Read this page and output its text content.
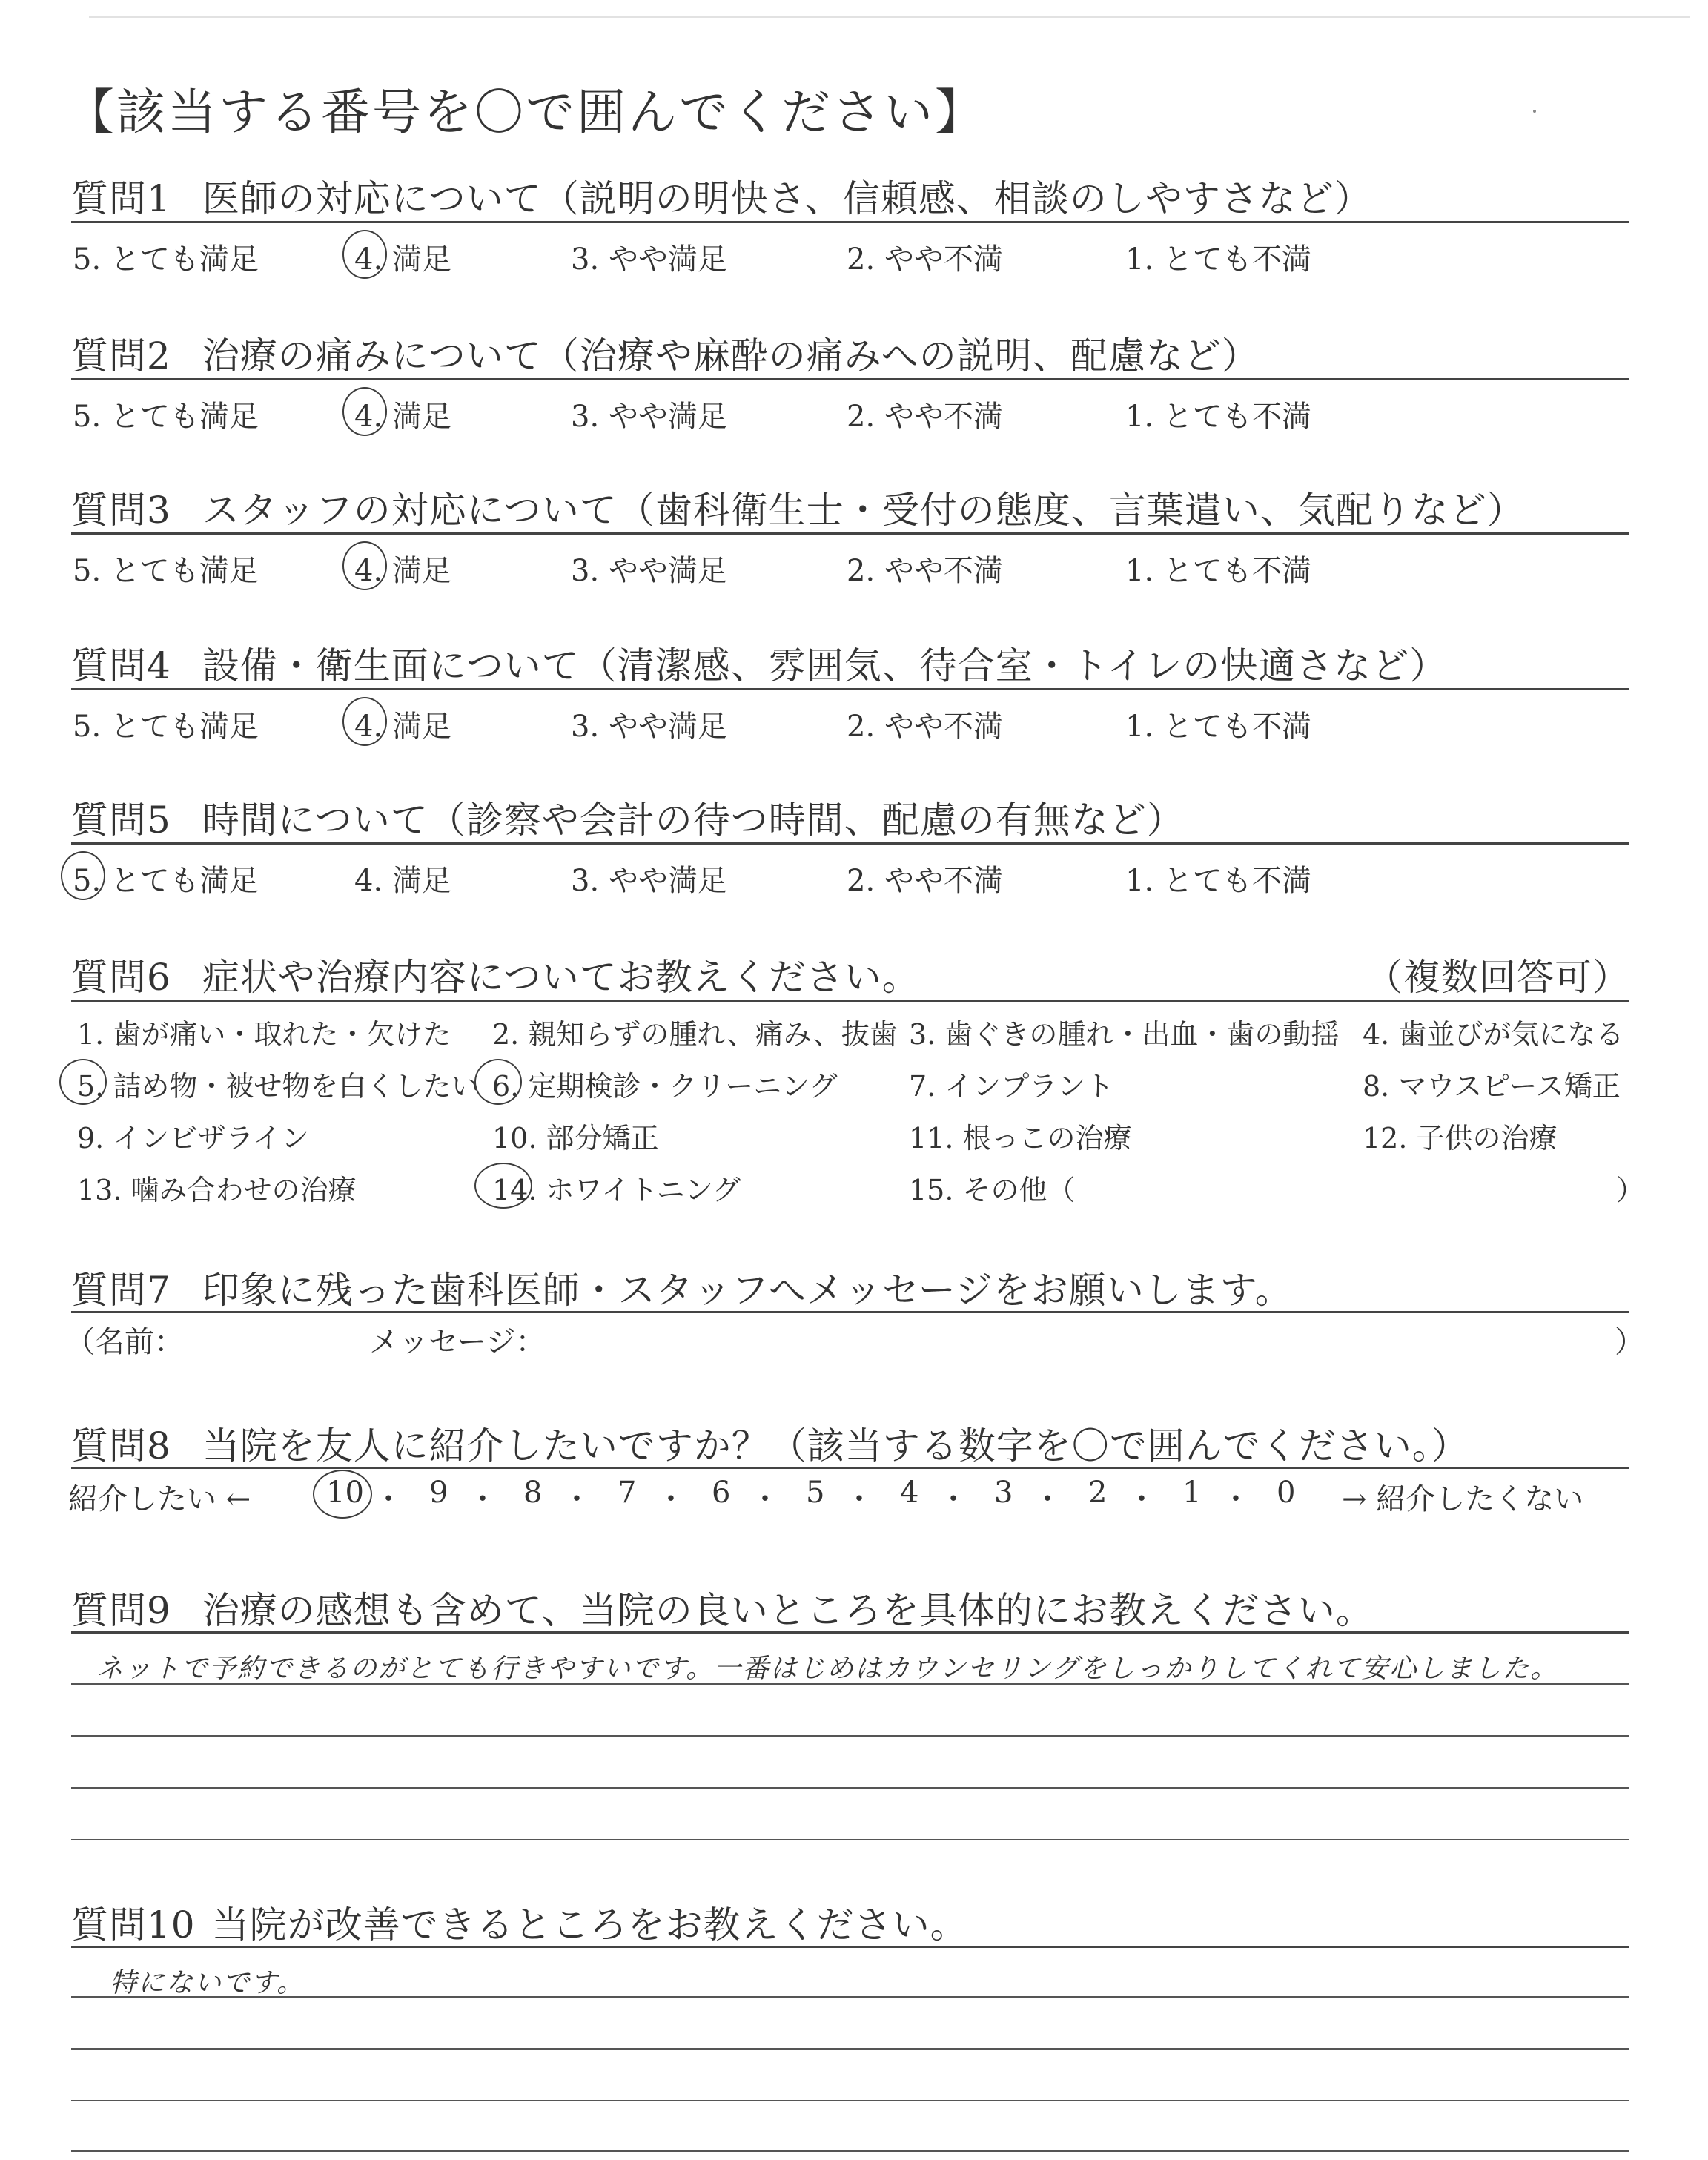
【該当する番号を〇で囲んでください】
質問1 医師の対応について（説明の明快さ、信頼感、相談のしやすさなど）
質問2 治療の痛みについて（治療や麻酔の痛みへの説明、配慮など）
質問3 スタッフの対応について（歯科衛生士・受付の態度、言葉遣い、気配りなど）
質問4 設備・衛生面について（清潔感、雰囲気、待合室・トイレの快適さなど）
質問5 時間について（診察や会計の待つ時間、配慮の有無など）
5. とても満足	4. 満足	3. やや満足	2. やや不満	1. とても不満
5. とても満足	4. 満足	3. やや満足	2. やや不満	1. とても不満
5. とても満足	4. 満足	3. やや満足	2. やや不満	1. とても不満
5. とても満足	4. 満足	3. やや満足	2. やや不満	1. とても不満
5. とても満足	4. 満足	3. やや満足	2. やや不満	1. とても不満
質問6 症状や治療内容についてお教えください。	（複数回答可）
1. 歯が痛い・取れた・欠けた 2. 親知らずの腫れ、痛み、抜歯 3. 歯ぐきの腫れ・出血・歯の動揺 4. 歯並びが気になる
5. 詰め物・被せ物を白くしたい 6. 定期検診・クリーニング	7. インプラント	8. マウスピース矯正
9. インビザライン	10. 部分矯正	11. 根っこの治療	12. 子供の治療
13. 噛み合わせの治療	14. ホワイトニング	15. その他（	）
質問7 印象に残った歯科医師・スタッフへメッセージをお願いします。
（名前：	メッセージ：	）
質問8 当院を友人に紹介したいですか？（該当する数字を〇で囲んでください。）
紹介したい ←	→ 紹介したくない
10 ・ 9 ・ 8 ・ 7 ・ 6 ・ 5 ・ 4 ・ 3 ・ 2 ・ 1 ・ 0
質問9 治療の感想も含めて、当院の良いところを具体的にお教えください。
ネットで予約できるのがとても行きやすいです。一番はじめはカウンセリングをしっかりしてくれて安心しました。
質問10 当院が改善できるところをお教えください。
特にないです。
